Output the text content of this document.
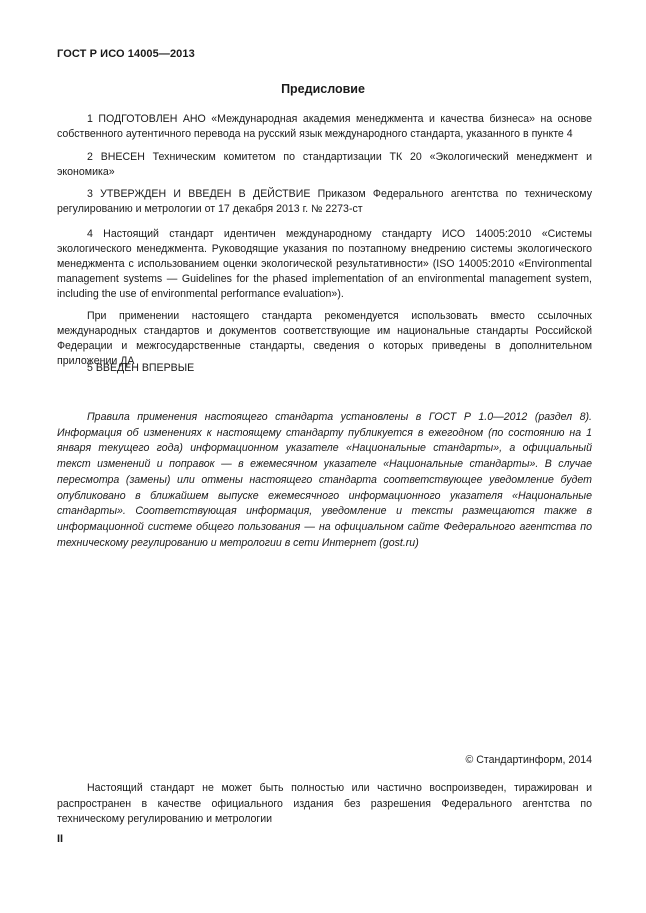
ГОСТ Р ИСО 14005—2013
Предисловие
1 ПОДГОТОВЛЕН АНО «Международная академия менеджмента и качества бизнеса» на основе собственного аутентичного перевода на русский язык международного стандарта, указанного в пункте 4
2 ВНЕСЕН Техническим комитетом по стандартизации ТК 20 «Экологический менеджмент и экономика»
3 УТВЕРЖДЕН И ВВЕДЕН В ДЕЙСТВИЕ Приказом Федерального агентства по техническому регулированию и метрологии от 17 декабря 2013 г. № 2273-ст
4 Настоящий стандарт идентичен международному стандарту ИСО 14005:2010 «Системы экологического менеджмента. Руководящие указания по поэтапному внедрению системы экологического менеджмента с использованием оценки экологической результативности» (ISO 14005:2010 «Environmental management systems — Guidelines for the phased implementation of an environmental management system, including the use of environmental performance evaluation»).
При применении настоящего стандарта рекомендуется использовать вместо ссылочных международных стандартов и документов соответствующие им национальные стандарты Российской Федерации и межгосударственные стандарты, сведения о которых приведены в дополнительном приложении ДА
5 ВВЕДЕН ВПЕРВЫЕ
Правила применения настоящего стандарта установлены в ГОСТ Р 1.0—2012 (раздел 8). Информация об изменениях к настоящему стандарту публикуется в ежегодном (по состоянию на 1 января текущего года) информационном указателе «Национальные стандарты», а официальный текст изменений и поправок — в ежемесячном указателе «Национальные стандарты». В случае пересмотра (замены) или отмены настоящего стандарта соответствующее уведомление будет опубликовано в ближайшем выпуске ежемесячного информационного указателя «Национальные стандарты». Соответствующая информация, уведомление и тексты размещаются также в информационной системе общего пользования — на официальном сайте Федерального агентства по техническому регулированию и метрологии в сети Интернет (gost.ru)
© Стандартинформ, 2014
Настоящий стандарт не может быть полностью или частично воспроизведен, тиражирован и распространен в качестве официального издания без разрешения Федерального агентства по техническому регулированию и метрологии
II
